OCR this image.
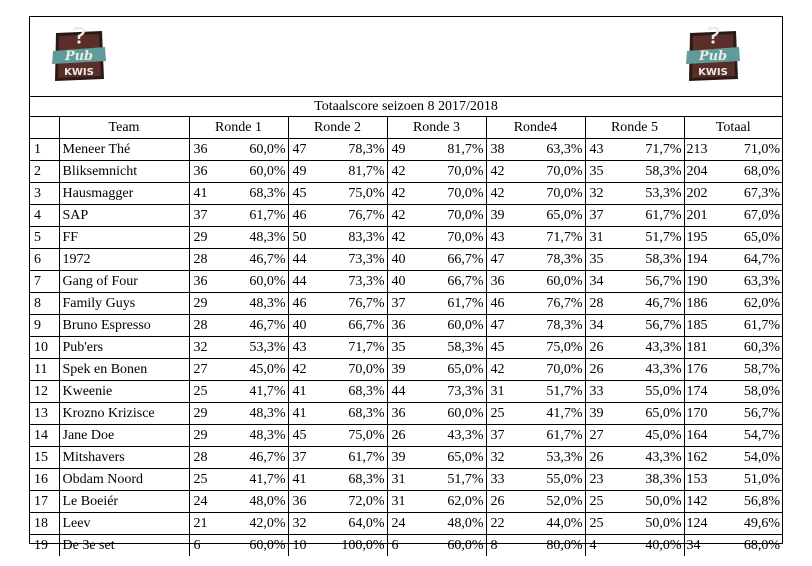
Pub
KWIS
Pub
KWIS
Totaalscore seizoen 8 2017/2018
	Team	Ronde 1		Ronde 2		Ronde 3		Ronde4		Ronde 5		Totaal	
1	Meneer Thé	36	60,0%	47	78,3%	49	81,7%	38	63,3%	43	71,7%	213	71,0%
2	Bliksemnicht	36	60,0%	49	81,7%	42	70,0%	42	70,0%	35	58,3%	204	68,0%
3	Hausmagger	41	68,3%	45	75,0%	42	70,0%	42	70,0%	32	53,3%	202	67,3%
4	SAP	37	61,7%	46	76,7%	42	70,0%	39	65,0%	37	61,7%	201	67,0%
5	FF	29	48,3%	50	83,3%	42	70,0%	43	71,7%	31	51,7%	195	65,0%
6	1972	28	46,7%	44	73,3%	40	66,7%	47	78,3%	35	58,3%	194	64,7%
7	Gang of Four	36	60,0%	44	73,3%	40	66,7%	36	60,0%	34	56,7%	190	63,3%
8	Family Guys	29	48,3%	46	76,7%	37	61,7%	46	76,7%	28	46,7%	186	62,0%
9	Bruno Espresso	28	46,7%	40	66,7%	36	60,0%	47	78,3%	34	56,7%	185	61,7%
10	Pub'ers	32	53,3%	43	71,7%	35	58,3%	45	75,0%	26	43,3%	181	60,3%
11	Spek en Bonen	27	45,0%	42	70,0%	39	65,0%	42	70,0%	26	43,3%	176	58,7%
12	Kweenie	25	41,7%	41	68,3%	44	73,3%	31	51,7%	33	55,0%	174	58,0%
13	Krozno Krizisce	29	48,3%	41	68,3%	36	60,0%	25	41,7%	39	65,0%	170	56,7%
14	Jane Doe	29	48,3%	45	75,0%	26	43,3%	37	61,7%	27	45,0%	164	54,7%
15	Mitshavers	28	46,7%	37	61,7%	39	65,0%	32	53,3%	26	43,3%	162	54,0%
16	Obdam Noord	25	41,7%	41	68,3%	31	51,7%	33	55,0%	23	38,3%	153	51,0%
17	Le Boeiér	24	48,0%	36	72,0%	31	62,0%	26	52,0%	25	50,0%	142	56,8%
18	Leev	21	42,0%	32	64,0%	24	48,0%	22	44,0%	25	50,0%	124	49,6%
19	De 3e set	6	60,0%	10	100,0%	6	60,0%	8	80,0%	4	40,0%	34	68,0%
